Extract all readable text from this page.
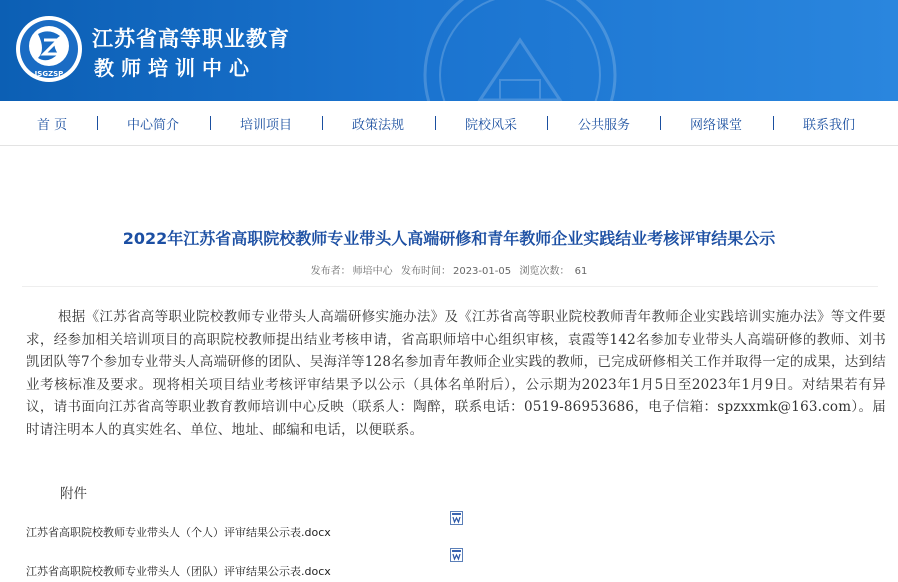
JSGZSP
江苏省高等职业教育
教师培训中心
首 页	中心简介	培训项目	政策法规	院校风采	公共服务	网络课堂	联系我们
2022年江苏省高职院校教师专业带头人高端研修和青年教师企业实践结业考核评审结果公示
发布者： 师培中心 发布时间： 2023-01-05 浏览次数： 61

根据《江苏省高等职业院校教师专业带头人高端研修实施办法》及《江苏省高等职业院校教师青年教师企业实践培训实施办法》等文件要求，经参加相关培训项目的高职院校教师提出结业考核申请，省高职师培中心组织审核，袁霞等142名参加专业带头人高端研修的教师、刘书凯团队等7个参加专业带头人高端研修的团队、吴海洋等128名参加青年教师企业实践的教师，已完成研修相关工作并取得一定的成果，达到结业考核标准及要求。现将相关项目结业考核评审结果予以公示（具体名单附后），公示期为2023年1月5日至2023年1月9日。对结果若有异议，请书面向江苏省高等职业教育教师培训中心反映（联系人：陶醉，联系电话：0519-86953686，电子信箱：spzxxmk@163.com）。届时请注明本人的真实姓名、单位、地址、邮编和电话，以便联系。

附件
江苏省高职院校教师专业带头人（个人）评审结果公示表.docx
江苏省高职院校教师专业带头人（团队）评审结果公示表.docx
